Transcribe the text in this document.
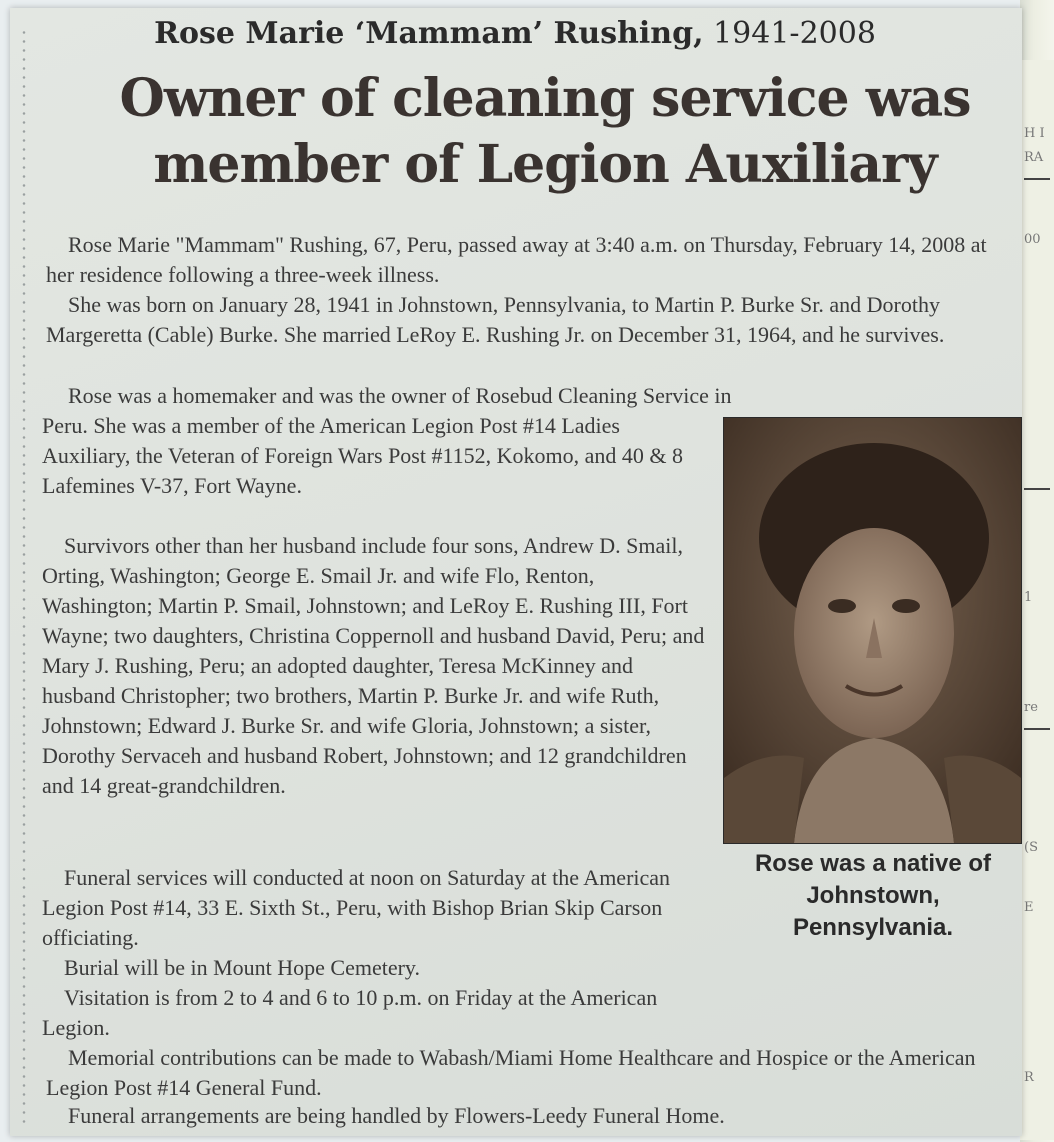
H I
RA
00
1
re
(S
E
R
Rose Marie ‘Mammam’ Rushing, 1941-2008
Owner of cleaning service was member of Legion Auxiliary

Rose Marie "Mammam" Rushing, 67, Peru, passed away at 3:40 a.m. on Thursday, February 14, 2008 at her residence following a three-week illness.

She was born on January 28, 1941 in Johnstown, Pennsylvania, to Martin P. Burke Sr. and Dorothy Margeretta (Cable) Burke. She married LeRoy E. Rushing Jr. on December 31, 1964, and he survives.

Rose was a homemaker and was the owner of Rosebud Cleaning Service in

Peru. She was a member of the American Legion Post #14 Ladies Auxiliary, the Veteran of Foreign Wars Post #1152, Kokomo, and 40 & 8 Lafemines V-37, Fort Wayne.

Survivors other than her husband include four sons, Andrew D. Smail, Orting, Washington; George E. Smail Jr. and wife Flo, Renton, Washington; Martin P. Smail, Johnstown; and LeRoy E. Rushing III, Fort Wayne; two daughters, Christina Coppernoll and husband David, Peru; and Mary J. Rushing, Peru; an adopted daughter, Teresa McKinney and husband Christopher; two brothers, Martin P. Burke Jr. and wife Ruth, Johnstown; Edward J. Burke Sr. and wife Gloria, Johnstown; a sister, Dorothy Servaceh and husband Robert, Johnstown; and 12 grandchildren and 14 great-grandchildren.

Funeral services will conducted at noon on Saturday at the American Legion Post #14, 33 E. Sixth St., Peru, with Bishop Brian Skip Carson officiating.

Burial will be in Mount Hope Cemetery.

Visitation is from 2 to 4 and 6 to 10 p.m. on Friday at the American Legion.

Memorial contributions can be made to Wabash/Miami Home Healthcare and Hospice or the American Legion Post #14 General Fund.

Funeral arrangements are being handled by Flowers-Leedy Funeral Home.

Rose was a native of Johnstown, Pennsylvania.
